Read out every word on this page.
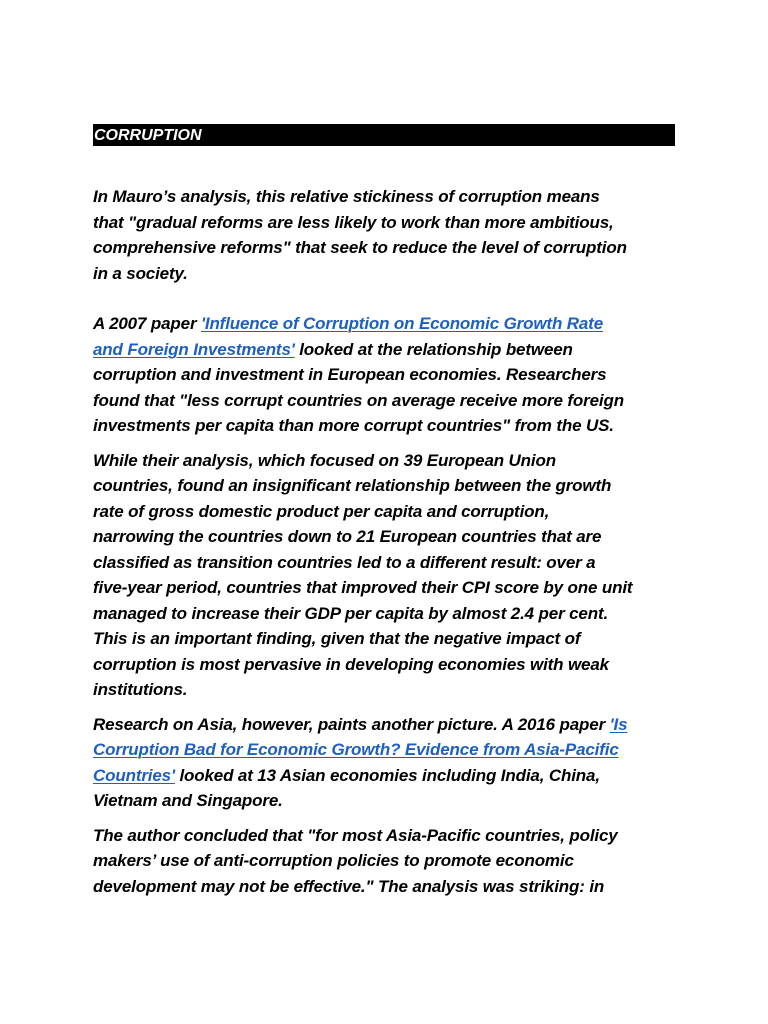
CORRUPTION

In Mauro’s analysis, this relative stickiness of corruption means
that "gradual reforms are less likely to work than more ambitious,
comprehensive reforms" that seek to reduce the level of corruption
in a society.

A 2007 paper 'Influence of Corruption on Economic Growth Rate
and Foreign Investments' looked at the relationship between
corruption and investment in European economies. Researchers
found that "less corrupt countries on average receive more foreign
investments per capita than more corrupt countries" from the US.

While their analysis, which focused on 39 European Union
countries, found an insignificant relationship between the growth
rate of gross domestic product per capita and corruption,
narrowing the countries down to 21 European countries that are
classified as transition countries led to a different result: over a
five-year period, countries that improved their CPI score by one unit
managed to increase their GDP per capita by almost 2.4 per cent.
This is an important finding, given that the negative impact of
corruption is most pervasive in developing economies with weak
institutions.

Research on Asia, however, paints another picture. A 2016 paper 'Is
Corruption Bad for Economic Growth? Evidence from Asia-Pacific
Countries' looked at 13 Asian economies including India, China,
Vietnam and Singapore.

The author concluded that "for most Asia-Pacific countries, policy
makers’ use of anti-corruption policies to promote economic
development may not be effective." The analysis was striking: in
